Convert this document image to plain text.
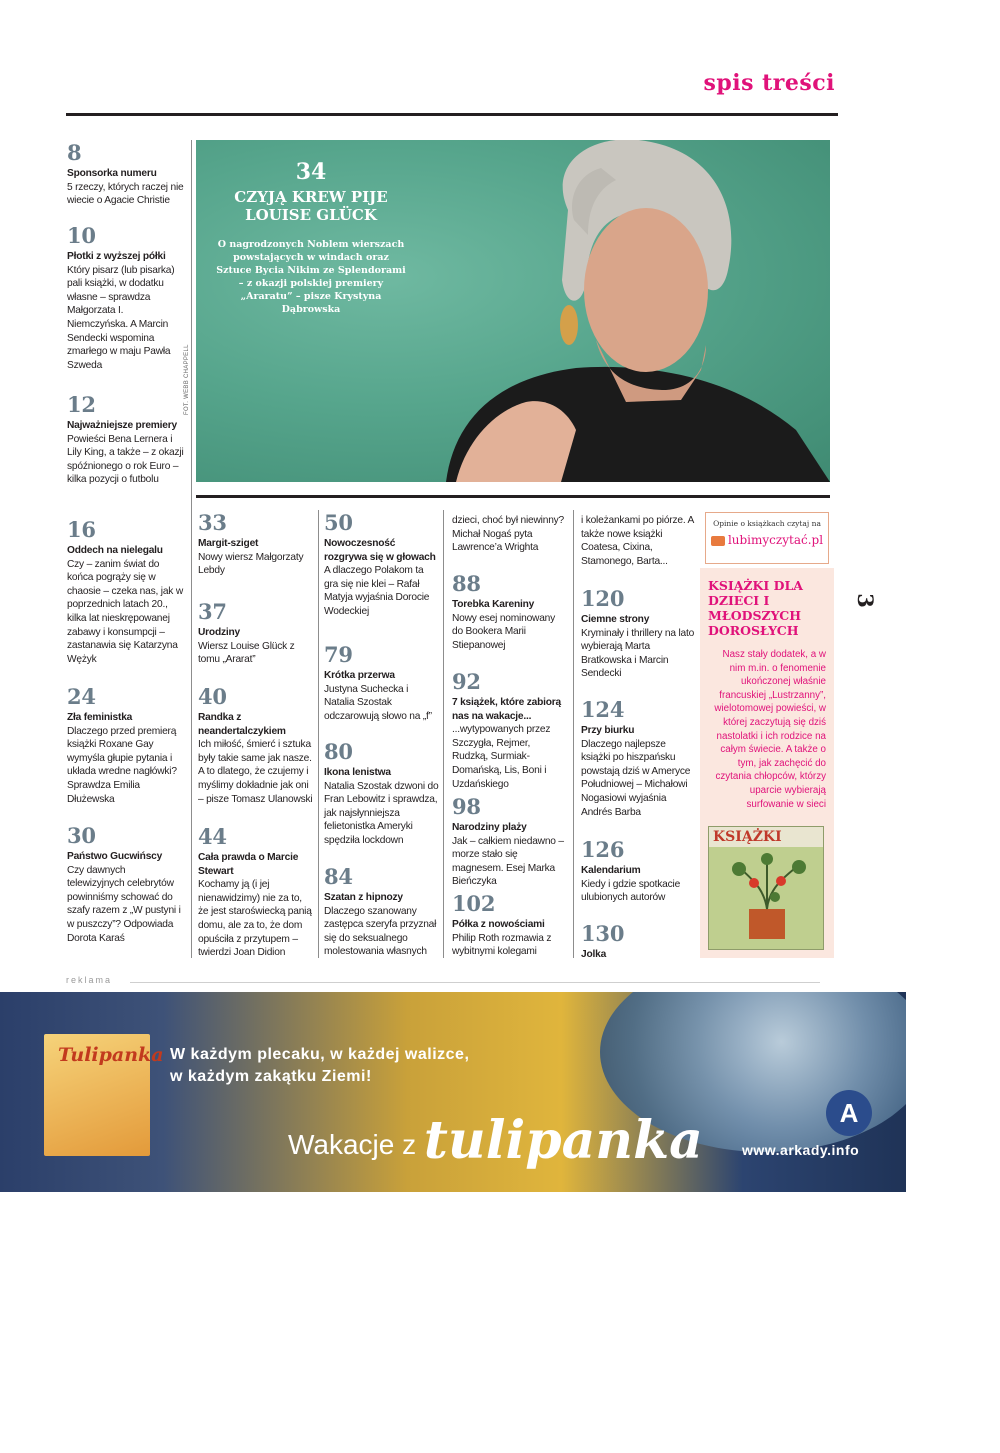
spis treści
3
8
Sponsorka numeru
5 rzeczy, których raczej nie wiecie o Agacie Christie
10
Płotki z wyższej półki
Który pisarz (lub pisarka) pali książki, w dodatku własne – sprawdza Małgorzata I. Niemczyńska. A Marcin Sendecki wspomina zmarłego w maju Pawła Szweda
12
Najważniejsze premiery
Powieści Bena Lernera i Lily King, a także – z okazji spóźnionego o rok Euro – kilka pozycji o futbolu
16
Oddech na nielegalu
Czy – zanim świat do końca pogrąży się w chaosie – czeka nas, jak w poprzednich latach 20., kilka lat nieskrępowanej zabawy i konsumpcji – zastanawia się Katarzyna Wężyk
24
Zła feministka
Dlaczego przed premierą książki Roxane Gay wymyśla głupie pytania i układa wredne nagłówki? Sprawdza Emilia Dłużewska
30
Państwo Gucwińscy
Czy dawnych telewizyjnych celebrytów powinniśmy schować do szafy razem z „W pustyni i w puszczy”? Odpowiada Dorota Karaś
FOT. WEBB CHAPPELL
34
CZYJĄ KREW PIJE LOUISE GLÜCK
O nagrodzonych Noblem wierszach powstających w windach oraz Sztuce Bycia Nikim ze Splendorami – z okazji polskiej premiery „Araratu” – pisze Krystyna Dąbrowska
33
Margit-sziget
Nowy wiersz Małgorzaty Lebdy
37
Urodziny
Wiersz Louise Glück z tomu „Ararat”
40
Randka z neandertalczykiem
Ich miłość, śmierć i sztuka były takie same jak nasze. A to dlatego, że czujemy i myślimy dokładnie jak oni – pisze Tomasz Ulanowski
44
Cała prawda o Marcie Stewart
Kochamy ją (i jej nienawidzimy) nie za to, że jest staroświecką panią domu, ale za to, że dom opuściła z przytupem – twierdzi Joan Didion
50
Nowoczesność rozgrywa się w głowach
A dlaczego Polakom ta gra się nie klei – Rafał Matyja wyjaśnia Dorocie Wodeckiej
79
Krótka przerwa
Justyna Suchecka i Natalia Szostak odczarowują słowo na „f”
80
Ikona lenistwa
Natalia Szostak dzwoni do Fran Lebowitz i sprawdza, jak najsłynniejsza felietonistka Ameryki spędziła lockdown
84
Szatan z hipnozy
Dlaczego szanowany zastępca szeryfa przyznał się do seksualnego molestowania własnych
dzieci, choć był niewinny? Michał Nogaś pyta Lawrence’a Wrighta
88
Torebka Kareniny
Nowy esej nominowany do Bookera Marii Stiepanowej
92
7 książek, które zabiorą nas na wakacje...
...wytypowanych przez Szczygła, Rejmer, Rudzką, Surmiak-Domańską, Lis, Boni i Uzdańskiego
98
Narodziny plaży
Jak – całkiem niedawno – morze stało się magnesem. Esej Marka Bieńczyka
102
Półka z nowościami
Philip Roth rozmawia z wybitnymi kolegami
i koleżankami po piórze. A także nowe książki Coatesa, Cixina, Stamonego, Barta...
120
Ciemne strony
Kryminały i thrillery na lato wybierają Marta Bratkowska i Marcin Sendecki
124
Przy biurku
Dlaczego najlepsze książki po hiszpańsku powstają dziś w Ameryce Południowej – Michałowi Nogasiowi wyjaśnia Andrés Barba
126
Kalendarium
Kiedy i gdzie spotkacie ulubionych autorów
130
Jolka
Opinie o książkach czytaj na
lubimyczytać.pl
KSIĄŻKI DLA DZIECI I MŁODSZYCH DOROSŁYCH
Nasz stały dodatek, a w nim m.in. o fenomenie ukończonej właśnie francuskiej „Lustrzanny”, wielotomowej powieści, w której zaczytują się dziś nastolatki i ich rodzice na całym świecie. A także o tym, jak zachęcić do czytania chłopców, którzy uparcie wybierają surfowanie w sieci
KSIĄŻKI
reklama
Tulipanka W każdym plecaku, w każdej walizce,
w każdym zakątku Ziemi!
Wakacje z tulipanka	A
www.arkady.info
